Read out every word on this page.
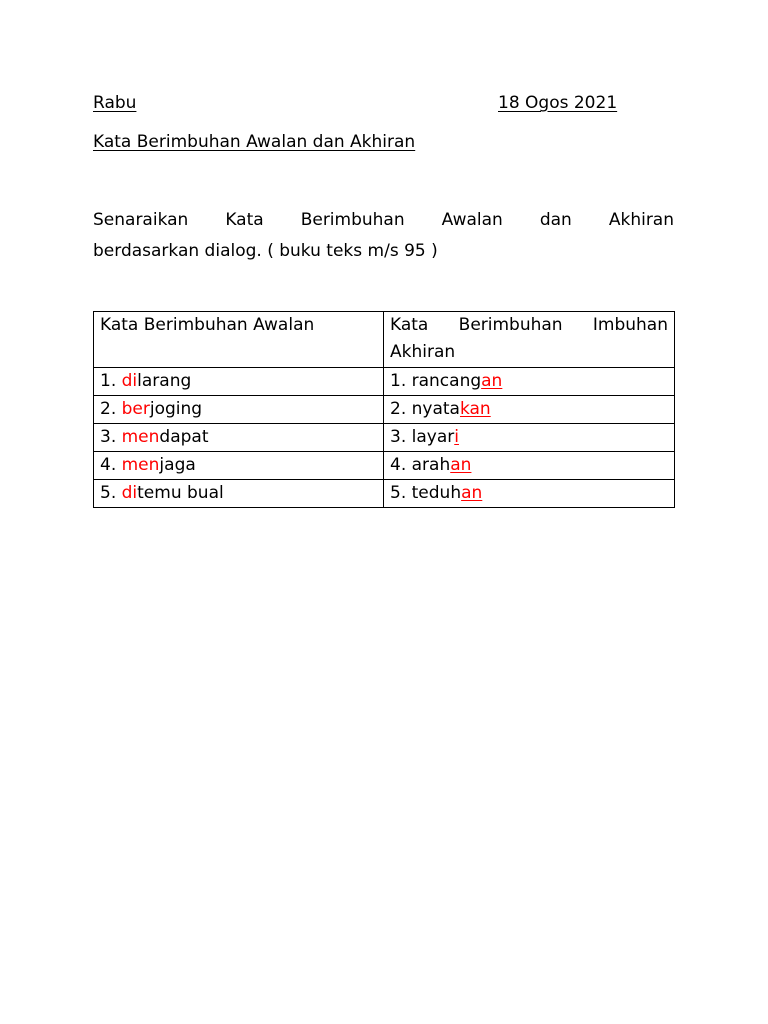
Rabu	18 Ogos 2021
Kata Berimbuhan Awalan dan Akhiran
Senaraikan Kata Berimbuhan Awalan dan Akhiran
berdasarkan dialog. ( buku teks m/s 95 )
Kata Berimbuhan Awalan	Kata Berimbuhan Imbuhan Akhiran
1. dilarang	1. rancangan
2. berjoging	2. nyatakan
3. mendapat	3. layari
4. menjaga	4. arahan
5. ditemu bual	5. teduhan
